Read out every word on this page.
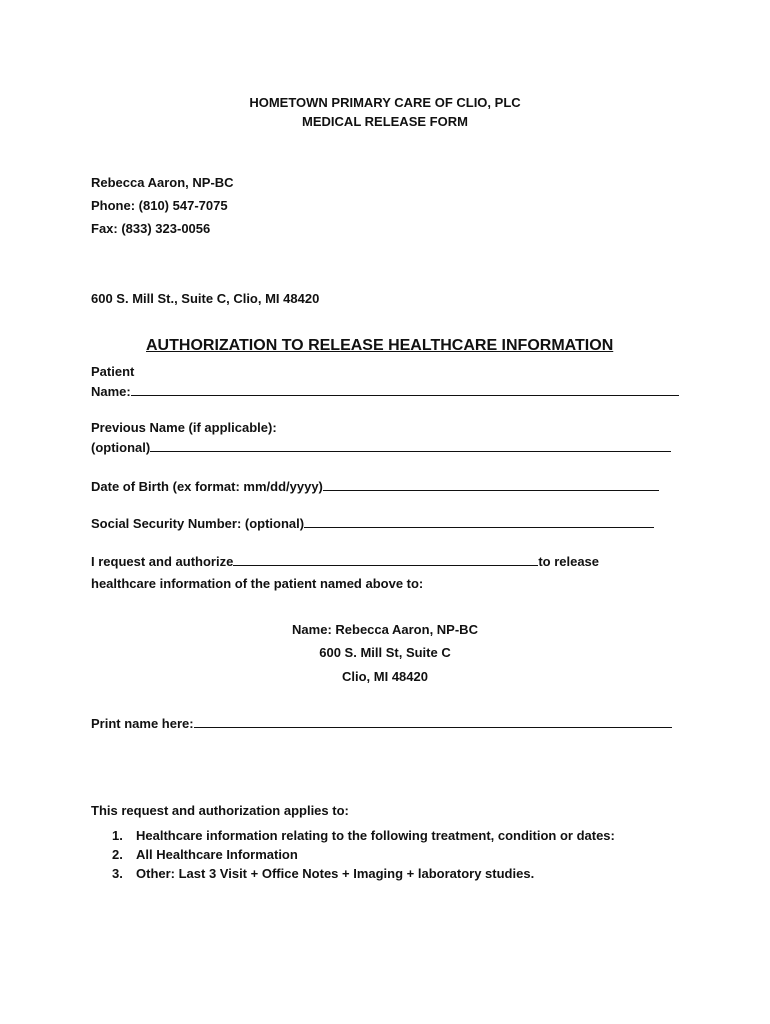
HOMETOWN PRIMARY CARE OF CLIO, PLC
MEDICAL RELEASE FORM
Rebecca Aaron, NP-BC
Phone: (810) 547-7075
Fax: (833) 323-0056
600 S. Mill St., Suite C, Clio, MI 48420
AUTHORIZATION TO RELEASE HEALTHCARE INFORMATION
Patient
Name:
Previous Name (if applicable):
(optional)
Date of Birth (ex format: mm/dd/yyyy)
Social Security Number: (optional)
I request and authorize	to release
healthcare information of the patient named above to:
Name: Rebecca Aaron, NP-BC
600 S. Mill St, Suite C
Clio, MI 48420
Print name here:
This request and authorization applies to:
1. Healthcare information relating to the following treatment, condition or dates:
2. All Healthcare Information
3. Other: Last 3 Visit + Office Notes + Imaging + laboratory studies.
